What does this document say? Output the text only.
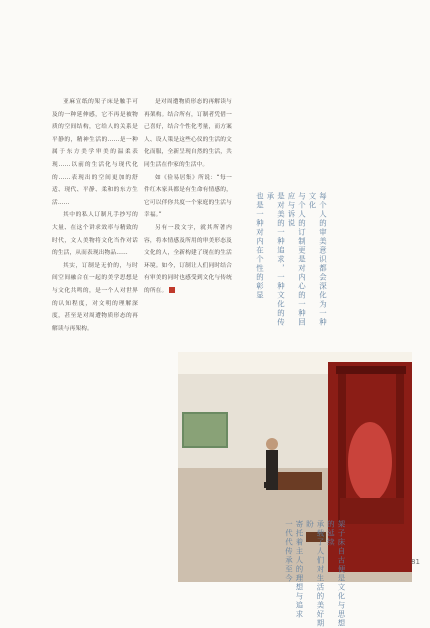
亚麻宣纸的架子床是触手可及的一种延伸感，它不再是被物质的空间结构，它给人的关系是平静的，精神生活的……是一种属于东方美学审美的温柔表现……以前的生活化与现代化的……表现出的空间更加的舒适、现代、平静、柔和的东方生活……

其中的私人订制凡手抄写的大量、在这个讲求效率与精致的时代，文人美物将文化当作对话的生活，从而表现出物品……

其实，订制是无价的，与时间空间融合在一起的美学思想是与文化共鸣的，是一个人对世界的认知程度，对文明的理解深度，甚至是对周遭物质形态的再解读与再架构。

是对周遭物质形态的再解读与再架构。结合所有，订制者凭借一己喜好，结合个性化考量，而方案人、设人策是这些心仪的生活的文化而服，全新呈现自然的生活，共同生活在作家的生活中。

如《俭易居集》所说：“每一件红木家具都是有生命有情感的，它可以伴你共度一个家庭的生活与幸福。”

另有一段文字，就其所著内容，将本情感及所用的审美形态及文化的人，全新构建了现在的生活环境。如今，订制让人们同时结合有审美的同时也感受到文化与传统的所在。	每个人的审美意识都会深化为一种文化
与个人的订制更是对内心的一种回应与诉说
是对美的一种追求，一种文化的传承
也是一种对内在个性的彰显
架子床自古便是文化与思想的延续
承载了人们对生活的美好期盼
寄托着主人的理想与追求
一代代传承至今	81
